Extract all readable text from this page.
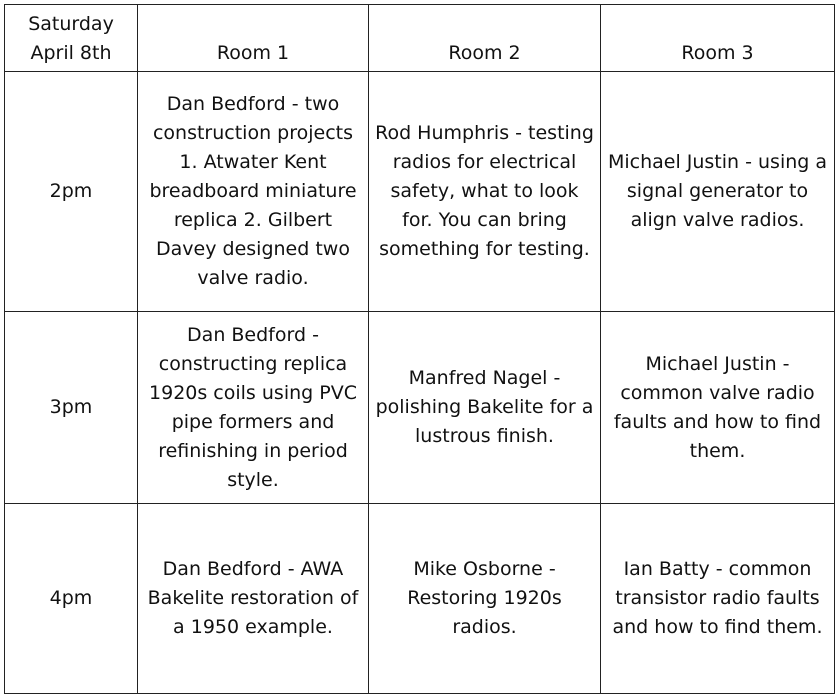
Saturday
April 8th	Room 1	Room 2	Room 3
2pm	Dan Bedford - two construction projects 1. Atwater Kent breadboard miniature replica 2. Gilbert Davey designed two valve radio.	Rod Humphris - testing radios for electrical safety, what to look for. You can bring something for testing.	Michael Justin - using a signal generator to align valve radios.
3pm	Dan Bedford - constructing replica 1920s coils using PVC pipe formers and refinishing in period style.	Manfred Nagel - polishing Bakelite for a lustrous finish.	Michael Justin - common valve radio faults and how to find them.
4pm	Dan Bedford - AWA Bakelite restoration of a 1950 example.	Mike Osborne - Restoring 1920s radios.	Ian Batty - common transistor radio faults and how to find them.
